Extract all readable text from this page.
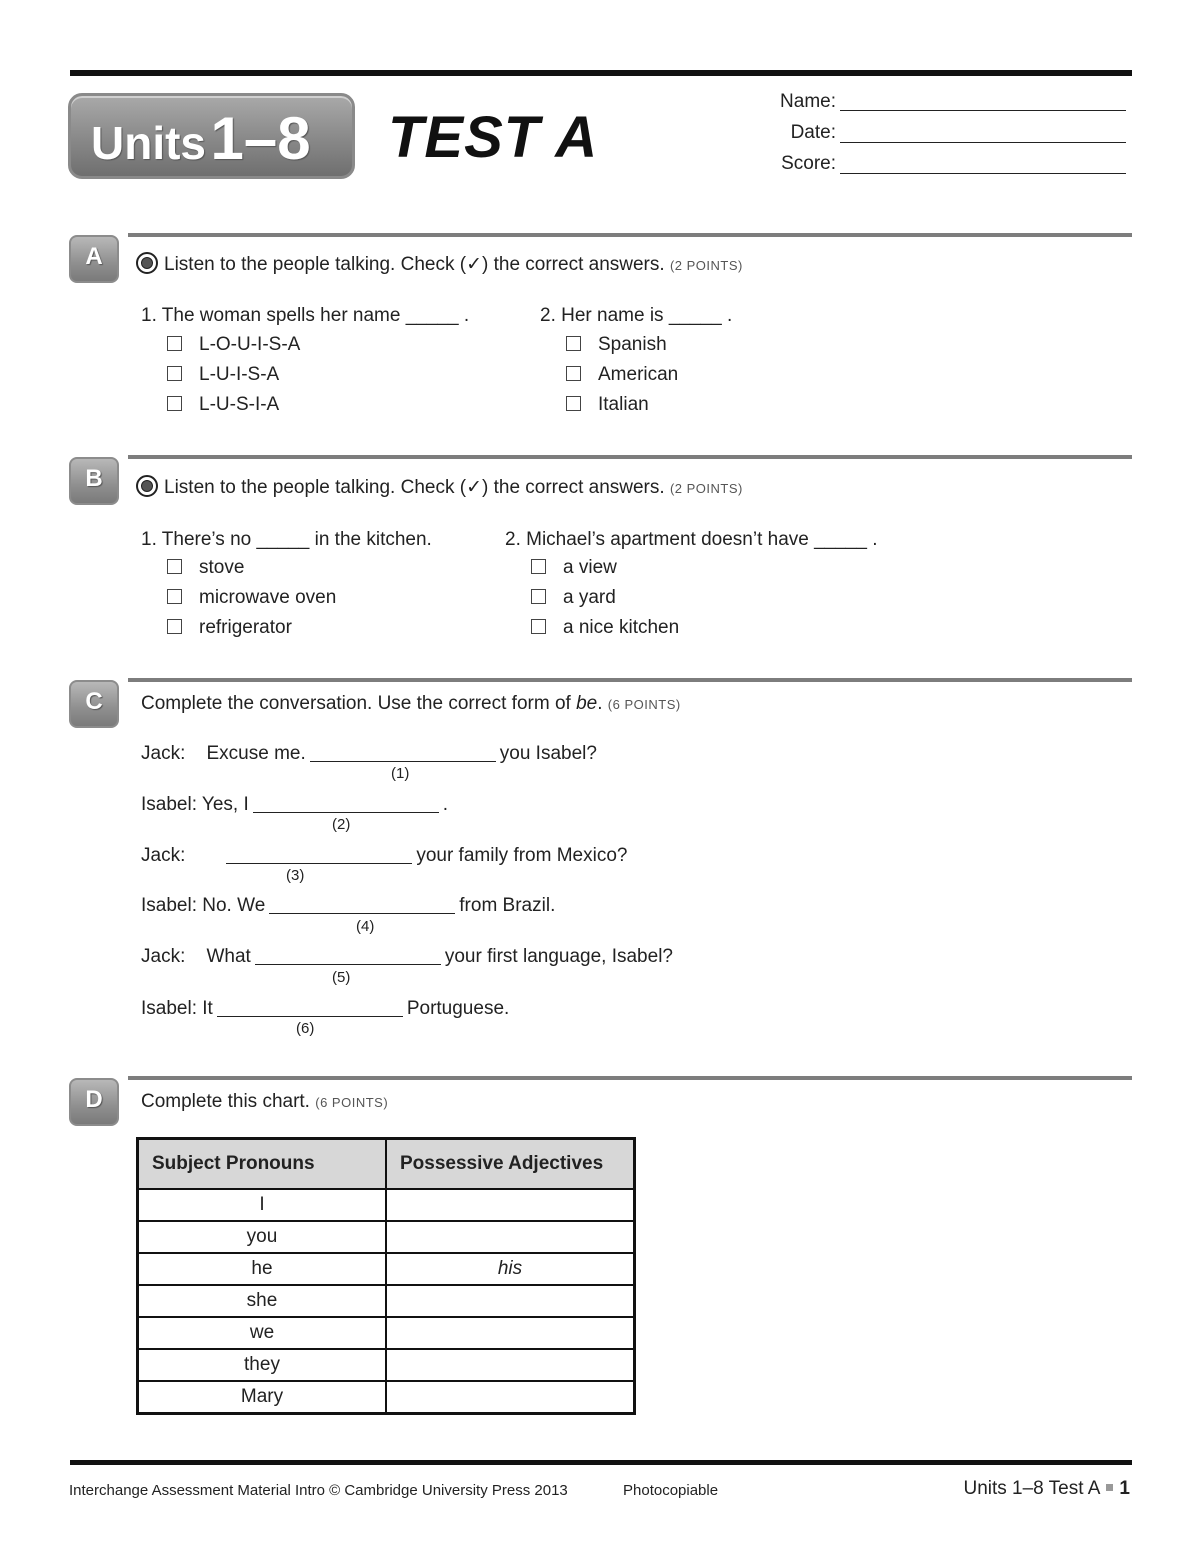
Units 1–8 TEST A
Name:
Date:
Score:
A	Listen to the people talking. Check (✓) the correct answers. (2 POINTS)
1. The woman spells her name _____ .
L-O-U-I-S-A
L-U-I-S-A
L-U-S-I-A
2. Her name is _____ .
Spanish
American
Italian
B	Listen to the people talking. Check (✓) the correct answers. (2 POINTS)
1. There’s no _____ in the kitchen.
stove
microwave oven
refrigerator
2. Michael’s apartment doesn’t have _____ .
a view
a yard
a nice kitchen
C	Complete the conversation. Use the correct form of be. (6 POINTS)
Jack: Excuse me.	you Isabel?
(1)
Isabel: Yes, I	.
(2)
Jack:	your family from Mexico?
(3)
Isabel: No. We	from Brazil.
(4)
Jack: What	your first language, Isabel?
(5)
Isabel: It	Portuguese.
(6)
D	Complete this chart. (6 POINTS)
Subject Pronouns	Possessive Adjectives
I	
you	
he	his
she	
we	
they	
Mary	
Interchange Assessment Material Intro © Cambridge University Press 2013	Photocopiable	Units 1–8 Test A 1
